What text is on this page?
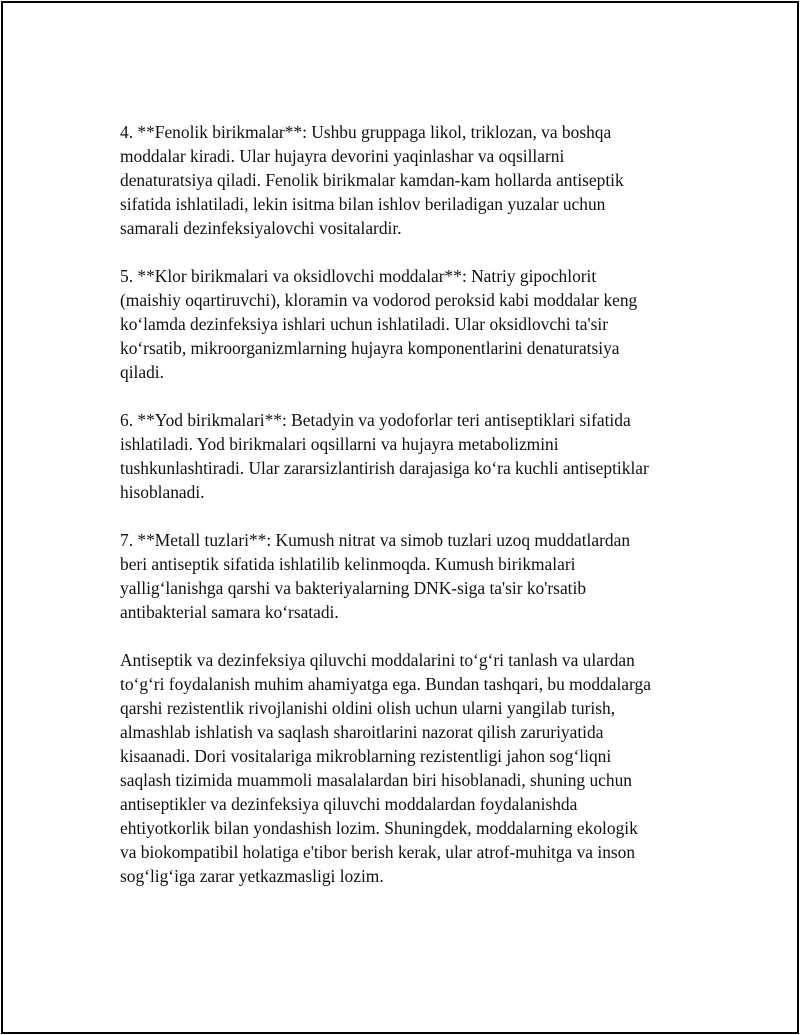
4. **Fenolik birikmalar**: Ushbu gruppaga likol, triklozan, va boshqa
moddalar kiradi. Ular hujayra devorini yaqinlashar va oqsillarni
denaturatsiya qiladi. Fenolik birikmalar kamdan-kam hollarda antiseptik
sifatida ishlatiladi, lekin isitma bilan ishlov beriladigan yuzalar uchun
samarali dezinfeksiyalovchi vositalardir.

5. **Klor birikmalari va oksidlovchi moddalar**: Natriy gipochlorit
(maishiy oqartiruvchi), kloramin va vodorod peroksid kabi moddalar keng
ko‘lamda dezinfeksiya ishlari uchun ishlatiladi. Ular oksidlovchi ta'sir
ko‘rsatib, mikroorganizmlarning hujayra komponentlarini denaturatsiya
qiladi.

6. **Yod birikmalari**: Betadyin va yodoforlar teri antiseptiklari sifatida
ishlatiladi. Yod birikmalari oqsillarni va hujayra metabolizmini
tushkunlashtiradi. Ular zararsizlantirish darajasiga ko‘ra kuchli antiseptiklar
hisoblanadi.

7. **Metall tuzlari**: Kumush nitrat va simob tuzlari uzoq muddatlardan
beri antiseptik sifatida ishlatilib kelinmoqda. Kumush birikmalari
yallig‘lanishga qarshi va bakteriyalarning DNK-siga ta'sir ko'rsatib
antibakterial samara ko‘rsatadi.

Antiseptik va dezinfeksiya qiluvchi moddalarini to‘g‘ri tanlash va ulardan
to‘g‘ri foydalanish muhim ahamiyatga ega. Bundan tashqari, bu moddalarga
qarshi rezistentlik rivojlanishi oldini olish uchun ularni yangilab turish,
almashlab ishlatish va saqlash sharoitlarini nazorat qilish zaruriyatida
kisaanadi. Dori vositalariga mikroblarning rezistentligi jahon sog‘liqni
saqlash tizimida muammoli masalalardan biri hisoblanadi, shuning uchun
antiseptikler va dezinfeksiya qiluvchi moddalardan foydalanishda
ehtiyotkorlik bilan yondashish lozim. Shuningdek, moddalarning ekologik
va biokompatibil holatiga e'tibor berish kerak, ular atrof-muhitga va inson
sog‘lig‘iga zarar yetkazmasligi lozim.
